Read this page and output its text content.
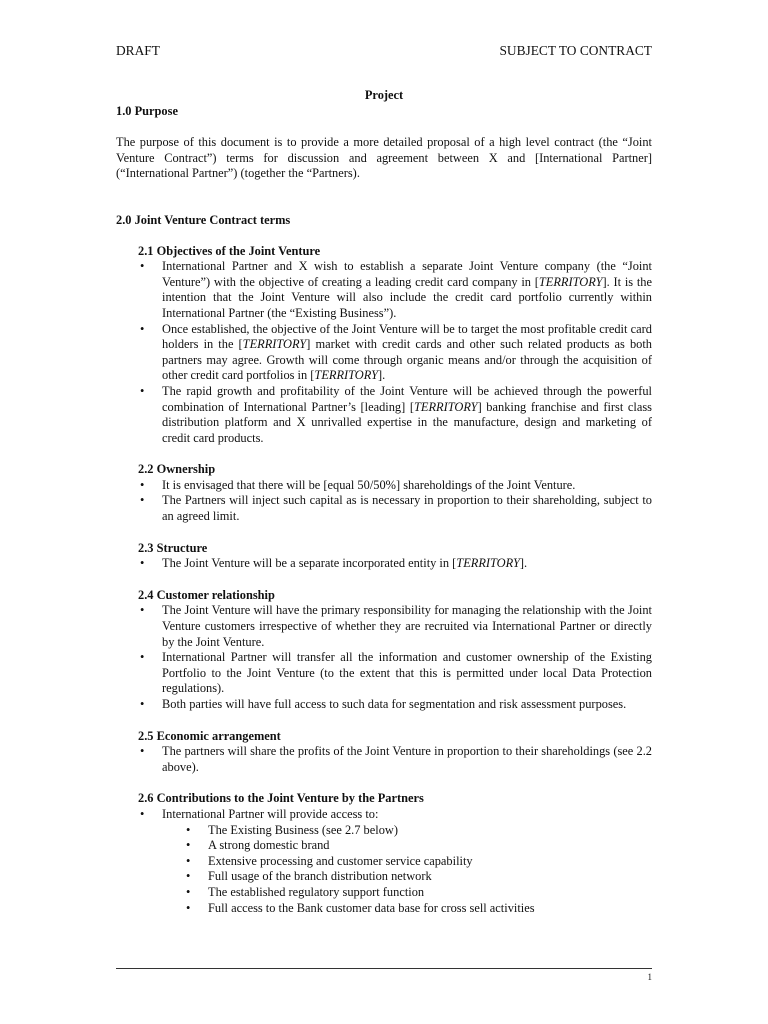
DRAFT	SUBJECT TO CONTRACT
Project
1.0 Purpose
The purpose of this document is to provide a more detailed proposal of a high level contract (the “Joint Venture Contract”) terms for discussion and agreement between X and [International Partner] (“International Partner”) (together the “Partners).
2.0 Joint Venture Contract terms
2.1 Objectives of the Joint Venture
• International Partner and X wish to establish a separate Joint Venture company (the “Joint Venture”) with the objective of creating a leading credit card company in [TERRITORY]. It is the intention that the Joint Venture will also include the credit card portfolio currently within International Partner (the “Existing Business”).
• Once established, the objective of the Joint Venture will be to target the most profitable credit card holders in the [TERRITORY] market with credit cards and other such related products as both partners may agree. Growth will come through organic means and/or through the acquisition of other credit card portfolios in [TERRITORY].
• The rapid growth and profitability of the Joint Venture will be achieved through the powerful combination of International Partner’s [leading] [TERRITORY] banking franchise and first class distribution platform and X unrivalled expertise in the manufacture, design and marketing of credit card products.
2.2 Ownership
• It is envisaged that there will be [equal 50/50%] shareholdings of the Joint Venture.
• The Partners will inject such capital as is necessary in proportion to their shareholding, subject to an agreed limit.
2.3 Structure
• The Joint Venture will be a separate incorporated entity in [TERRITORY].
2.4 Customer relationship
• The Joint Venture will have the primary responsibility for managing the relationship with the Joint Venture customers irrespective of whether they are recruited via International Partner or directly by the Joint Venture.
• International Partner will transfer all the information and customer ownership of the Existing Portfolio to the Joint Venture (to the extent that this is permitted under local Data Protection regulations).
• Both parties will have full access to such data for segmentation and risk assessment purposes.
2.5 Economic arrangement
• The partners will share the profits of the Joint Venture in proportion to their shareholdings (see 2.2 above).
2.6 Contributions to the Joint Venture by the Partners
• International Partner will provide access to:
• The Existing Business (see 2.7 below)
• A strong domestic brand
• Extensive processing and customer service capability
• Full usage of the branch distribution network
• The established regulatory support function
• Full access to the Bank customer data base for cross sell activities
1
